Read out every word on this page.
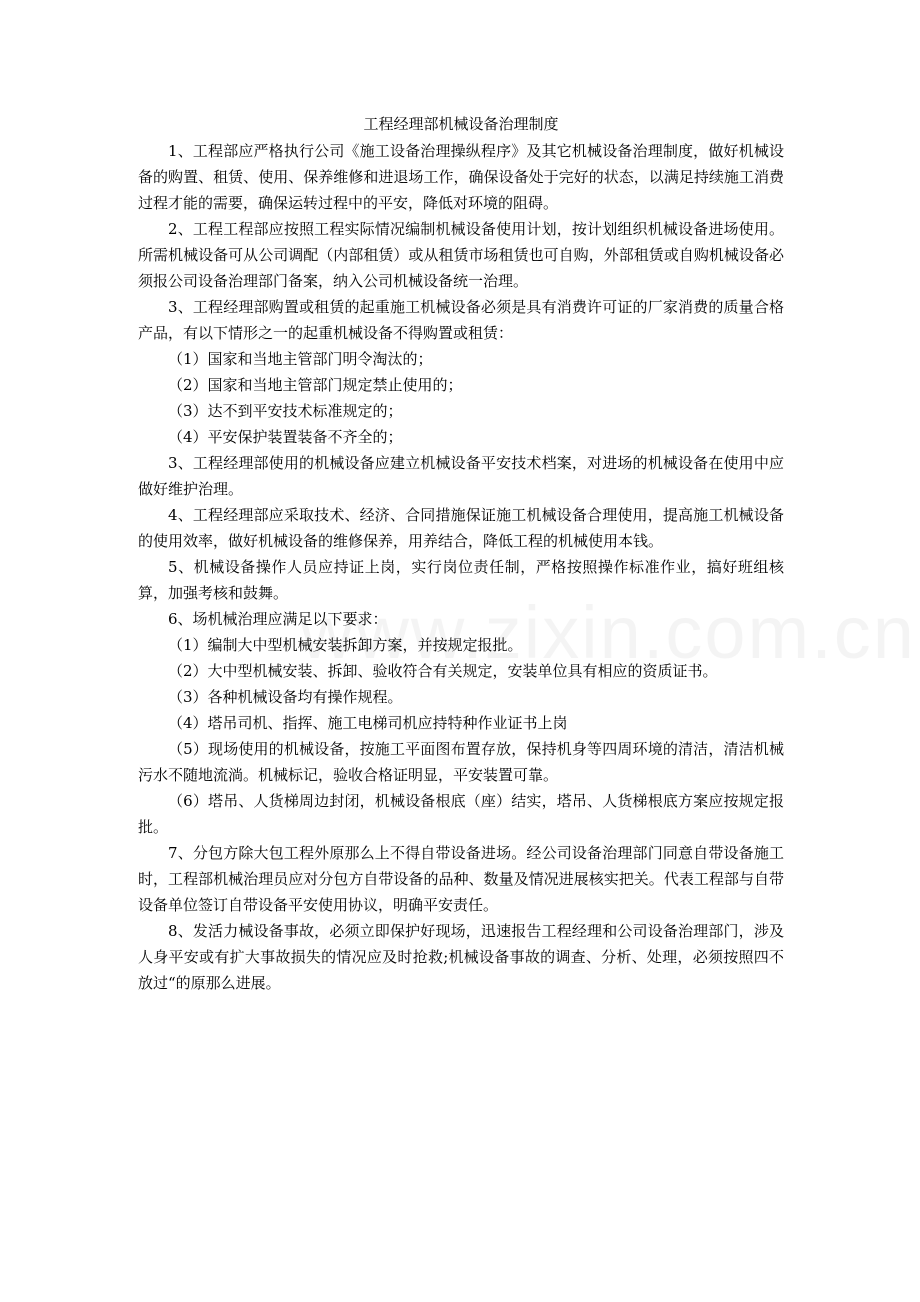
工程经理部机械设备治理制度

1、工程部应严格执行公司《施工设备治理操纵程序》及其它机械设备治理制度，做好机械设备的购置、租赁、使用、保养维修和进退场工作，确保设备处于完好的状态，以满足持续施工消费过程才能的需要，确保运转过程中的平安，降低对环境的阻碍。

2、工程工程部应按照工程实际情况编制机械设备使用计划，按计划组织机械设备进场使用。所需机械设备可从公司调配（内部租赁）或从租赁市场租赁也可自购，外部租赁或自购机械设备必须报公司设备治理部门备案，纳入公司机械设备统一治理。

3、工程经理部购置或租赁的起重施工机械设备必须是具有消费许可证的厂家消费的质量合格产品，有以下情形之一的起重机械设备不得购置或租赁：

（1）国家和当地主管部门明令淘汰的；

（2）国家和当地主管部门规定禁止使用的；

（3）达不到平安技术标准规定的；

（4）平安保护装置装备不齐全的；

3、工程经理部使用的机械设备应建立机械设备平安技术档案，对进场的机械设备在使用中应做好维护治理。

4、工程经理部应采取技术、经济、合同措施保证施工机械设备合理使用，提高施工机械设备的使用效率，做好机械设备的维修保养，用养结合，降低工程的机械使用本钱。

5、机械设备操作人员应持证上岗，实行岗位责任制，严格按照操作标准作业，搞好班组核算，加强考核和鼓舞。

6、场机械治理应满足以下要求：

（1）编制大中型机械安装拆卸方案，并按规定报批。

（2）大中型机械安装、拆卸、验收符合有关规定，安装单位具有相应的资质证书。

（3）各种机械设备均有操作规程。

（4）塔吊司机、指挥、施工电梯司机应持特种作业证书上岗

（5）现场使用的机械设备，按施工平面图布置存放，保持机身等四周环境的清洁，清洁机械污水不随地流淌。机械标记，验收合格证明显，平安装置可靠。

（6）塔吊、人货梯周边封闭，机械设备根底（座）结实，塔吊、人货梯根底方案应按规定报批。

7、分包方除大包工程外原那么上不得自带设备进场。经公司设备治理部门同意自带设备施工时，工程部机械治理员应对分包方自带设备的品种、数量及情况进展核实把关。代表工程部与自带设备单位签订自带设备平安使用协议，明确平安责任。

8、发活力械设备事故，必须立即保护好现场，迅速报告工程经理和公司设备治理部门，涉及人身平安或有扩大事故损失的情况应及时抢救;机械设备事故的调查、分析、处理，必须按照四不放过“的原那么进展。
